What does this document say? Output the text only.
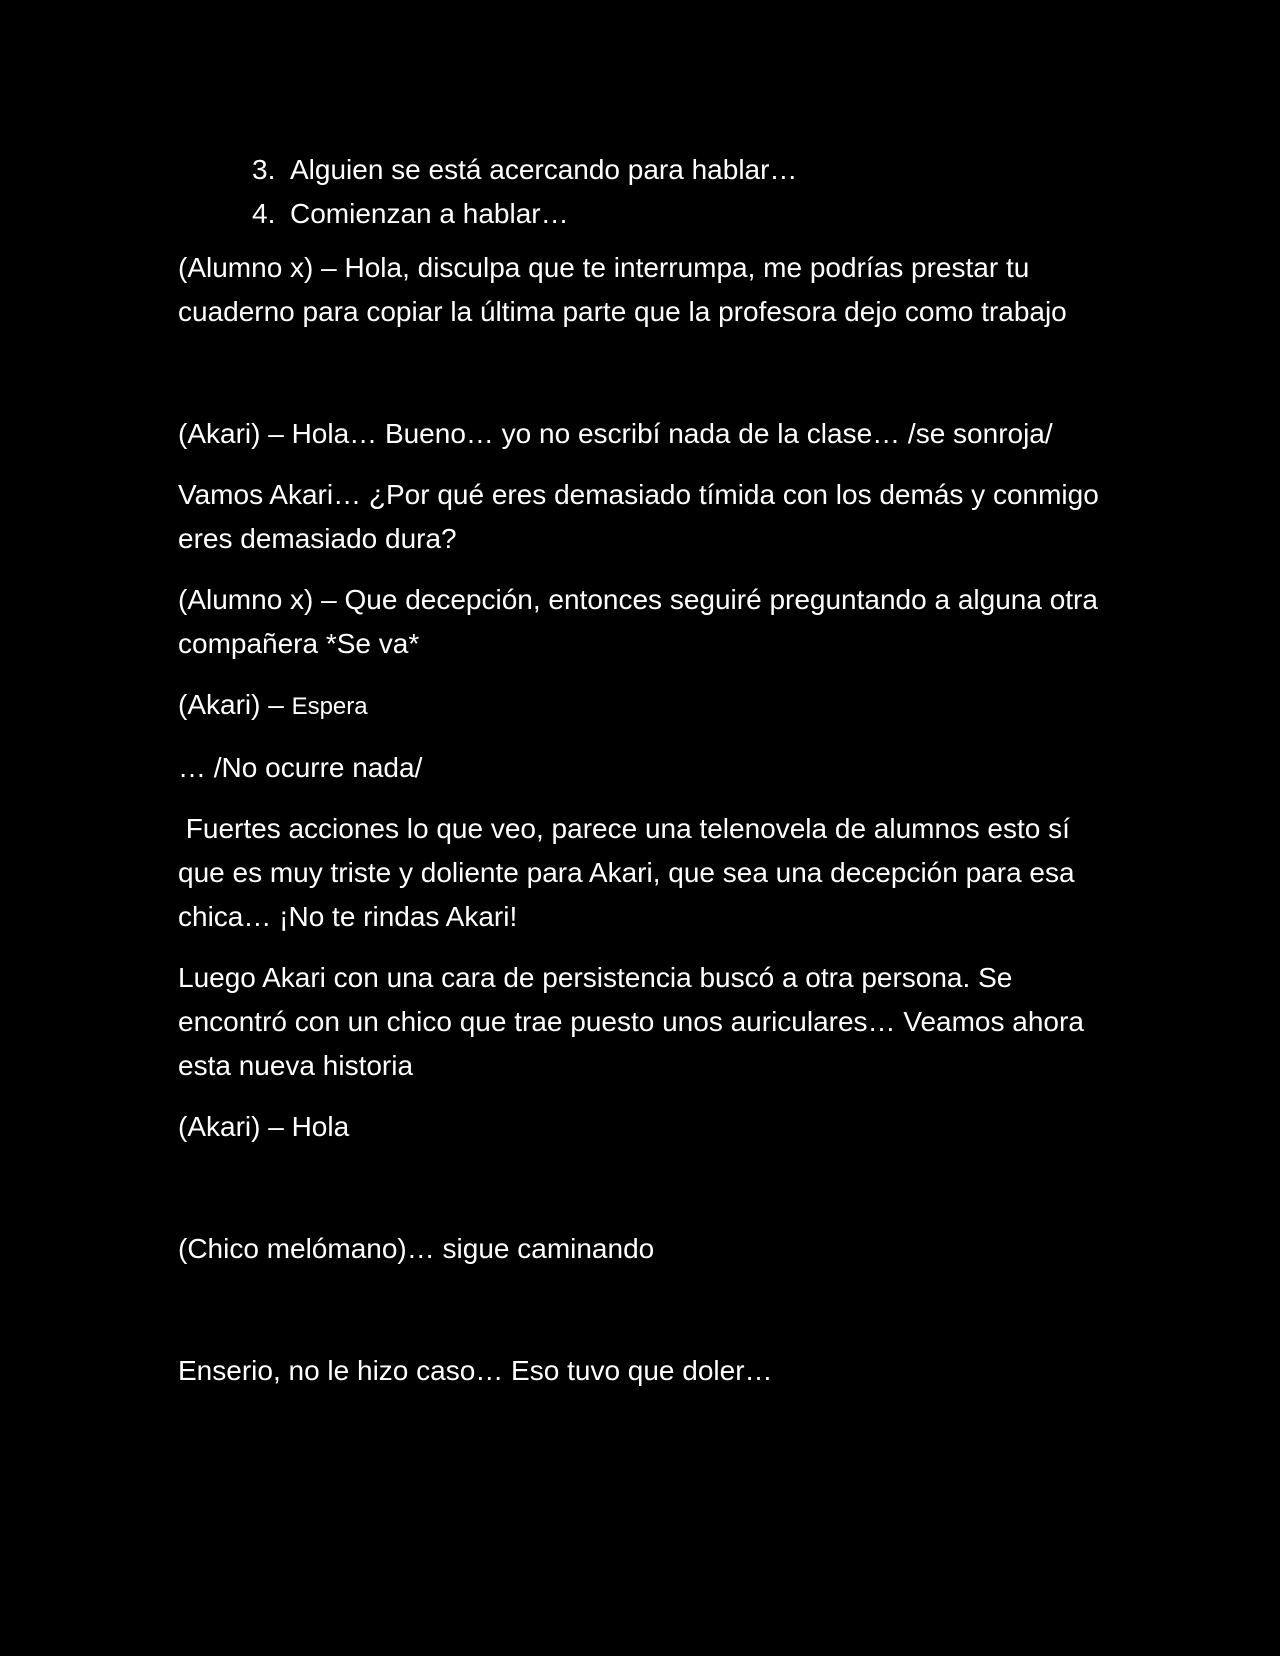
3. Alguien se está acercando para hablar…
4. Comienzan a hablar…

(Alumno x) – Hola, disculpa que te interrumpa, me podrías prestar tu cuaderno para copiar la última parte que la profesora dejo como trabajo

(Akari) – Hola… Bueno… yo no escribí nada de la clase… /se sonroja/

Vamos Akari… ¿Por qué eres demasiado tímida con los demás y conmigo eres demasiado dura?

(Alumno x) – Que decepción, entonces seguiré preguntando a alguna otra compañera *Se va*

(Akari) – Espera

… /No ocurre nada/

Fuertes acciones lo que veo, parece una telenovela de alumnos esto sí que es muy triste y doliente para Akari, que sea una decepción para esa chica… ¡No te rindas Akari!

Luego Akari con una cara de persistencia buscó a otra persona. Se encontró con un chico que trae puesto unos auriculares… Veamos ahora esta nueva historia

(Akari) – Hola

(Chico melómano)… sigue caminando

Enserio, no le hizo caso… Eso tuvo que doler…
